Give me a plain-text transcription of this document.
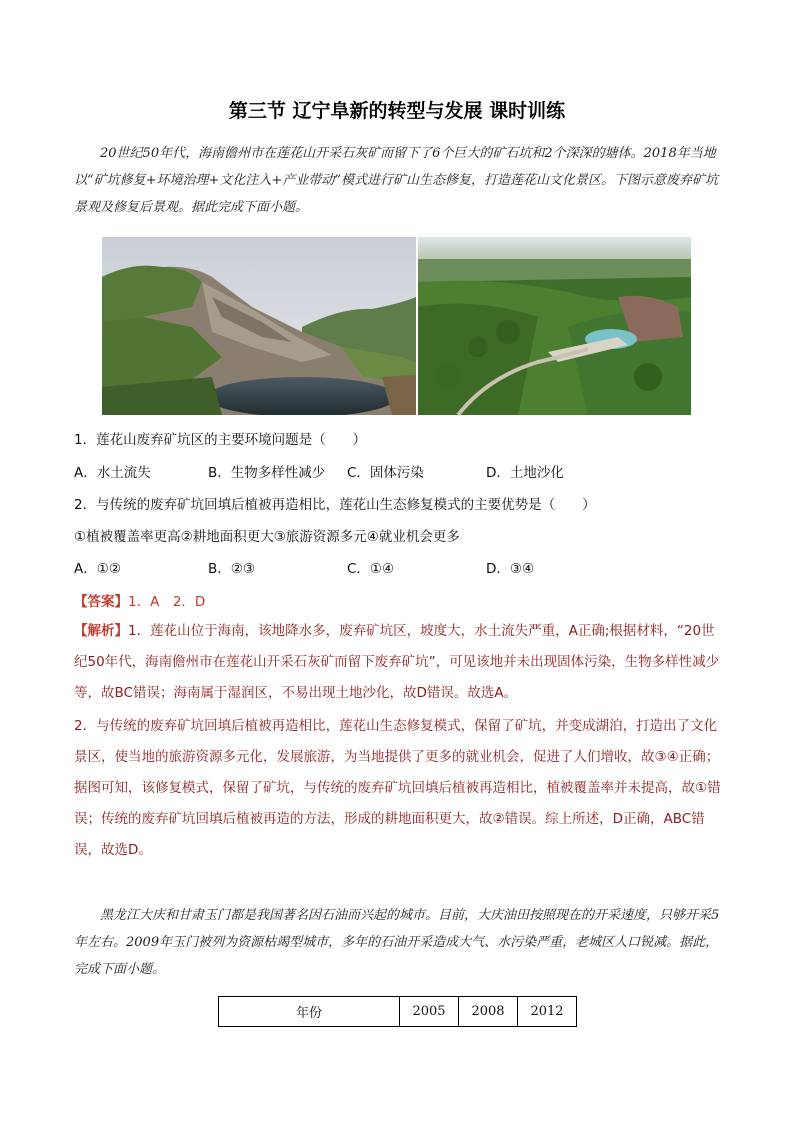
第三节 辽宁阜新的转型与发展 课时训练

20世纪50年代，海南儋州市在莲花山开采石灰矿而留下了6个巨大的矿石坑和2个深深的塘体。2018年当地以“矿坑修复+环境治理+文化注入+产业带动”模式进行矿山生态修复，打造莲花山文化景区。下图示意废弃矿坑景观及修复后景观。据此完成下面小题。

1．莲花山废弃矿坑区的主要环境问题是（　　）
A．水土流失	B．生物多样性减少 C．固体污染	D．土地沙化
2．与传统的废弃矿坑回填后植被再造相比，莲花山生态修复模式的主要优势是（　　）
①植被覆盖率更高②耕地面积更大③旅游资源多元④就业机会更多
A．①②	B．②③	C．①④	D．③④
【答案】1．A　2．D

【解析】1．莲花山位于海南，该地降水多，废弃矿坑区，坡度大，水土流失严重，A正确;根据材料，“20世纪50年代，海南儋州市在莲花山开采石灰矿而留下废弃矿坑”，可见该地并未出现固体污染，生物多样性减少等，故BC错误；海南属于湿润区，不易出现土地沙化，故D错误。故选A。

2．与传统的废弃矿坑回填后植被再造相比，莲花山生态修复模式，保留了矿坑，并变成湖泊，打造出了文化景区，使当地的旅游资源多元化，发展旅游，为当地提供了更多的就业机会，促进了人们增收，故③④正确；据图可知，该修复模式，保留了矿坑，与传统的废弃矿坑回填后植被再造相比，植被覆盖率并未提高，故①错误；传统的废弃矿坑回填后植被再造的方法，形成的耕地面积更大，故②错误。综上所述，D正确，ABC错误，故选D。

黑龙江大庆和甘肃玉门都是我国著名因石油而兴起的城市。目前，大庆油田按照现在的开采速度，只够开采5年左右。2009年玉门被列为资源枯竭型城市，多年的石油开采造成大气、水污染严重，老城区人口锐减。据此，完成下面小题。

年份	2005	2008	2012
